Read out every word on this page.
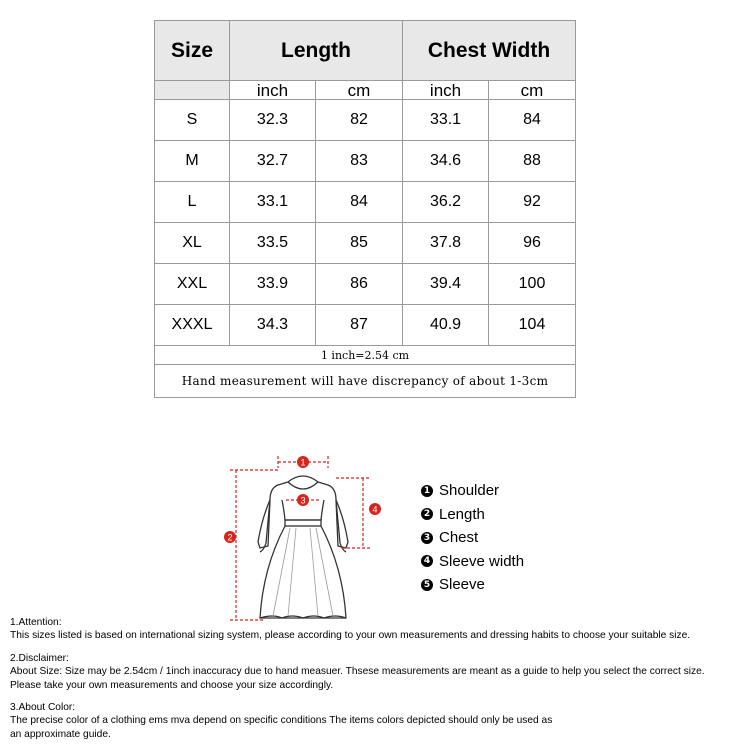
Size	Length		Chest Width	
	inch	cm	inch	cm
S	32.3	82	33.1	84
M	32.7	83	34.6	88
L	33.1	84	36.2	92
XL	33.5	85	37.8	96
XXL	33.9	86	39.4	100
XXXL	34.3	87	40.9	104
1 inch=2.54 cm				
Hand measurement will have discrepancy of about 1-3cm				
1
2
3
4
1 Shoulder
2 Length
3 Chest
4 Sleeve width
5 Sleeve

1.Attention:

This sizes listed is based on international sizing system, please according to your own measurements and dressing habits to choose your suitable size.

2.Disclaimer:

About Size: Size may be 2.54cm / 1inch inaccuracy due to hand measuer. Thsese measurements are meant as a guide to help you select the correct size.

Please take your own measurements and choose your size accordingly.

3.About Color:

The precise color of a clothing ems mva depend on specific conditions The items colors depicted should only be used as

an approximate guide.
